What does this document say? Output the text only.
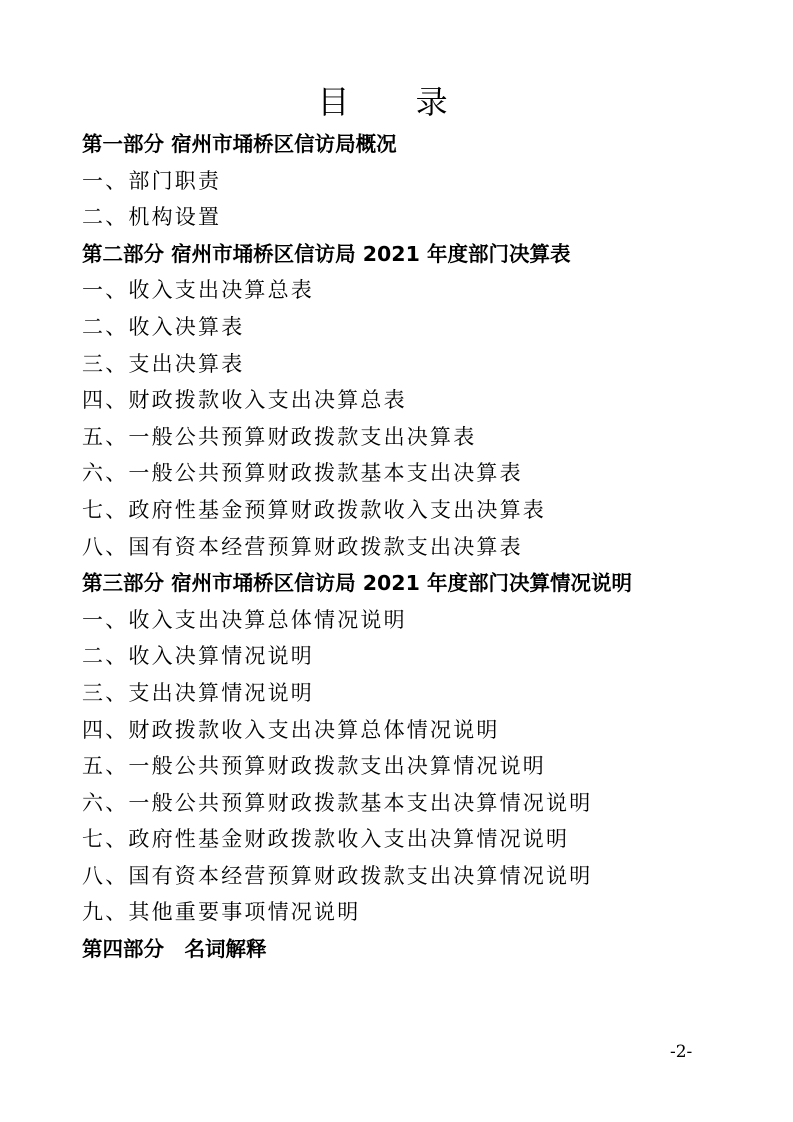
目 录
第一部分 宿州市埇桥区信访局概况
一、部门职责
二、机构设置
第二部分 宿州市埇桥区信访局 2021 年度部门决算表
一、收入支出决算总表
二、收入决算表
三、支出决算表
四、财政拨款收入支出决算总表
五、一般公共预算财政拨款支出决算表
六、一般公共预算财政拨款基本支出决算表
七、政府性基金预算财政拨款收入支出决算表
八、国有资本经营预算财政拨款支出决算表
第三部分 宿州市埇桥区信访局 2021 年度部门决算情况说明
一、收入支出决算总体情况说明
二、收入决算情况说明
三、支出决算情况说明
四、财政拨款收入支出决算总体情况说明
五、一般公共预算财政拨款支出决算情况说明
六、一般公共预算财政拨款基本支出决算情况说明
七、政府性基金财政拨款收入支出决算情况说明
八、国有资本经营预算财政拨款支出决算情况说明
九、其他重要事项情况说明
第四部分　名词解释
-2-
